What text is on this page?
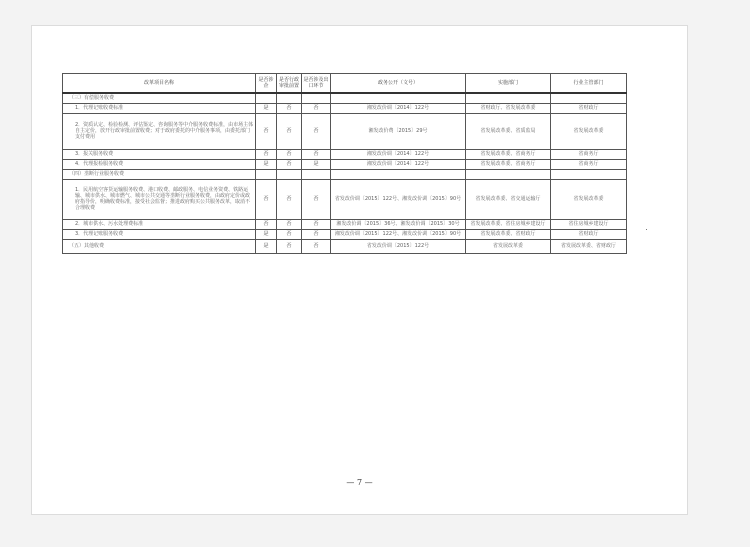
改革项目名称	是否涉企	是否行政审批前置	是否涉及出口环节	政务公开（文号）	实施部门	行业主管部门
（三）有偿服务收费						
1．代理记账收费标准	是	否	否	湘发改价调〔2014〕122号	省财政厅、省发展改革委	省财政厅
2．资质认定、检验检测、评估鉴定、咨询服务等中介服务收费标准，由市场主体自主定价，放开行政审批前置收费；对于政府委托的中介服务事项，由委托部门支付费用	否	否	否	湘发改价费〔2015〕29号	省发展改革委、省质监局	省发展改革委
3．报关服务收费	否	否	否	湘发改价调〔2014〕122号	省发展改革委、省商务厅	省商务厅
4．代理报检服务收费	是	否	是	湘发改价调〔2014〕122号	省发展改革委、省商务厅	省商务厅
（四）垄断行业服务收费						
1．民用航空客货运输服务收费、港口收费、邮政服务、电信业务资费、铁路运输、城市供水、城市燃气、城市公共交通等垄断行业服务收费，由政府定价或政府指导价，明确收费标准，接受社会监督；推进政府购买公共服务改革，取消不合理收费	否	否	否	省发改价调〔2015〕122号、湘发改价调〔2015〕90号	省发展改革委、省交通运输厅	省发展改革委
2．城市供水、污水处理费标准	否	否	否	湘发改价调〔2015〕36号、湘发改价调〔2015〕30号	省发展改革委、省住房城乡建设厅	省住房城乡建设厅
3．代理记账服务收费	是	否	否	湘发改价调〔2015〕122号、湘发改价调〔2015〕90号	省发展改革委、省财政厅	省财政厅
（五）其他收费	是	否	否	省发改价调〔2015〕122号	省发展改革委	省发展改革委、省财政厅
— 7 —
